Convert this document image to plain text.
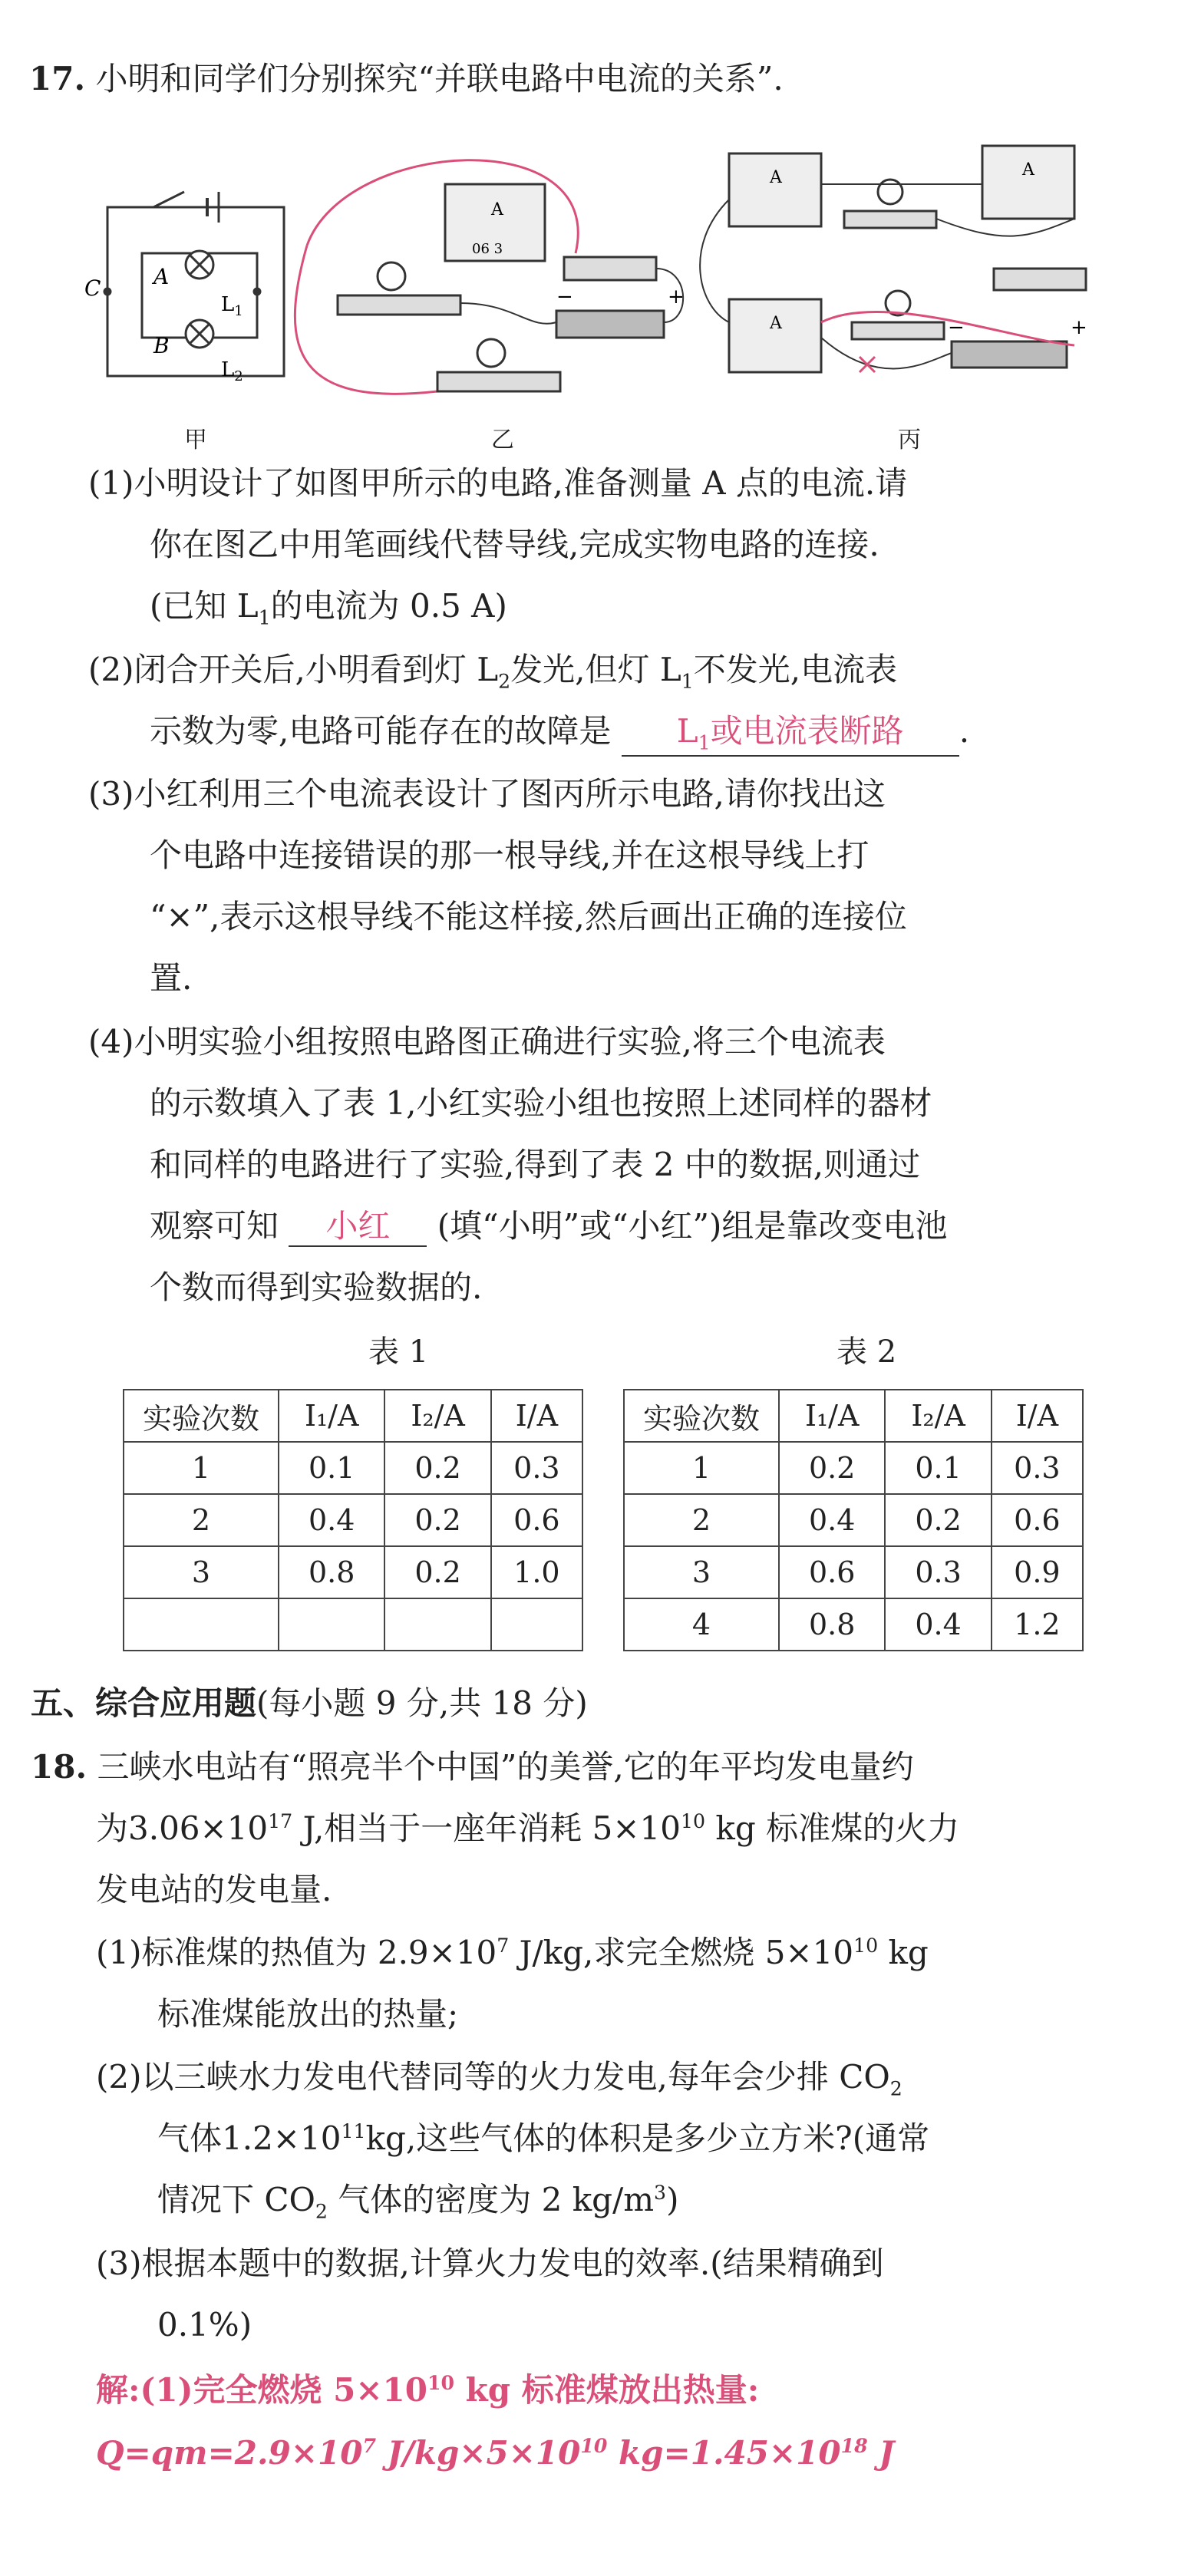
17. 小明和同学们分别探究“并联电路中电流的关系”.
C A
B
$L_1$
$L_2$
A
06 3
−	+
A	A
A	−	+
甲	乙	丙
(1)小明设计了如图甲所示的电路,准备测量 A 点的电流.请
你在图乙中用笔画线代替导线,完成实物电路的连接.
(已知 $L_1$的电流为 0.5 A)
(2)闭合开关后,小明看到灯 $L_2$发光,但灯 $L_1$不发光,电流表
示数为零,电路可能存在的故障是 $L_1$或电流表断路 .
(3)小红利用三个电流表设计了图丙所示电路,请你找出这
个电路中连接错误的那一根导线,并在这根导线上打
“×”,表示这根导线不能这样接,然后画出正确的连接位
置.
(4)小明实验小组按照电路图正确进行实验,将三个电流表
的示数填入了表 1,小红实验小组也按照上述同样的器材
和同样的电路进行了实验,得到了表 2 中的数据,则通过
观察可知 小红 (填“小明”或“小红”)组是靠改变电池
个数而得到实验数据的.
表 1	表 2
实验次数	I₁/A	I₂/A	I/A
1	0.1	0.2	0.3
2	0.4	0.2	0.6
3	0.8	0.2	1.0

实验次数	I₁/A	I₂/A	I/A
1	0.2	0.1	0.3
2	0.4	0.2	0.6
3	0.6	0.3	0.9
4	0.8	0.4	1.2
五、综合应用题(每小题 9 分,共 18 分)
18. 三峡水电站有“照亮半个中国”的美誉,它的年平均发电量约
为$3.06\times 10^{17}$ J,相当于一座年消耗 $5\times 10^{10}$ kg 标准煤的火力
发电站的发电量.
(1)标准煤的热值为 $2.9\times 10^7$ J/kg,求完全燃烧 $5\times 10^{10}$ kg
标准煤能放出的热量;
(2)以三峡水力发电代替同等的火力发电,每年会少排 $CO_2$
气体$1.2\times 10^{11}kg$,这些气体的体积是多少立方米?(通常
情况下 $CO_2$ 气体的密度为 2 $kg/m^3$)
(3)根据本题中的数据,计算火力发电的效率.(结果精确到
0.1%)
解:(1)完全燃烧 $5\times 10^{10}$ kg 标准煤放出热量:
$Q=qm=2.9\times 10^7$ $J/kg\times 5\times 10^{10}$ $kg=1.45\times 10^{18}$ J
